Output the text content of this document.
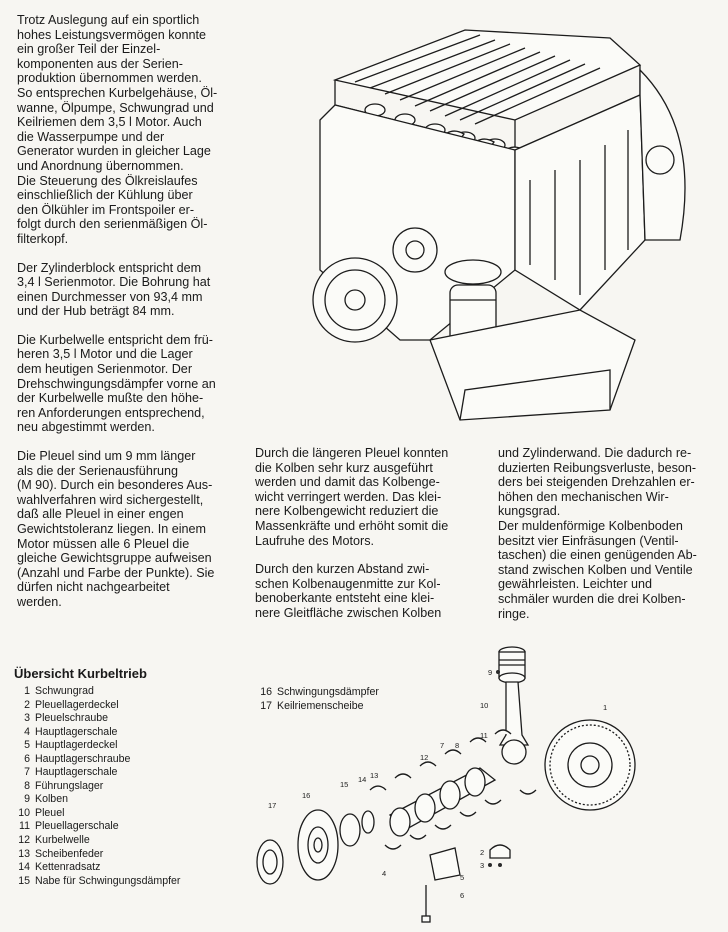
Trotz Auslegung auf ein sportlich
hohes Leistungsvermögen konnte
ein großer Teil der Einzel-
komponenten aus der Serien-
produktion übernommen werden.
So entsprechen Kurbelgehäuse, Öl-
wanne, Ölpumpe, Schwungrad und
Keilriemen dem 3,5 l Motor. Auch
die Wasserpumpe und der
Generator wurden in gleicher Lage
und Anordnung übernommen.
Die Steuerung des Ölkreislaufes
einschließlich der Kühlung über
den Ölkühler im Frontspoiler er-
folgt durch den serienmäßigen Öl-
filterkopf.

Der Zylinderblock entspricht dem
3,4 l Serienmotor. Die Bohrung hat
einen Durchmesser von 93,4 mm
und der Hub beträgt 84 mm.

Die Kurbelwelle entspricht dem frü-
heren 3,5 l Motor und die Lager
dem heutigen Serienmotor. Der
Drehschwingungsdämpfer vorne an
der Kurbelwelle mußte den höhe-
ren Anforderungen entsprechend,
neu abgestimmt werden.

Die Pleuel sind um 9 mm länger
als die der Serienausführung
(M 90). Durch ein besonderes Aus-
wahlverfahren wird sichergestellt,
daß alle Pleuel in einer engen
Gewichtstoleranz liegen. In einem
Motor müssen alle 6 Pleuel die
gleiche Gewichtsgruppe aufweisen
(Anzahl und Farbe der Punkte). Sie
dürfen nicht nachgearbeitet
werden.

Durch die längeren Pleuel konnten
die Kolben sehr kurz ausgeführt
werden und damit das Kolbenge-
wicht verringert werden. Das klei-
nere Kolbengewicht reduziert die
Massenkräfte und erhöht somit die
Laufruhe des Motors.

Durch den kurzen Abstand zwi-
schen Kolbenaugenmitte zur Kol-
benoberkante entsteht eine klei-
nere Gleitfläche zwischen Kolben

und Zylinderwand. Die dadurch re-
duzierten Reibungsverluste, beson-
ders bei steigenden Drehzahlen er-
höhen den mechanischen Wir-
kungsgrad.
Der muldenförmige Kolbenboden
besitzt vier Einfräsungen (Ventil-
taschen) die einen genügenden Ab-
stand zwischen Kolben und Ventile
gewährleisten. Leichter und
schmäler wurden die drei Kolben-
ringe.

Übersicht Kurbeltrieb
1 Schwungrad
2 Pleuellagerdeckel
3 Pleuelschraube
4 Hauptlagerschale
5 Hauptlagerdeckel
6 Hauptlagerschraube
7 Hauptlagerschale
8 Führungslager
9 Kolben
10 Pleuel
11 Pleuellagerschale
12 Kurbelwelle
13 Scheibenfeder
14 Kettenradsatz
15 Nabe für Schwingungsdämpfer
16 Schwingungsdämpfer
17 Keilriemenscheibe	1
2
3
4	5
6
7 8
9
10
11
12
13
14
15
16
17
